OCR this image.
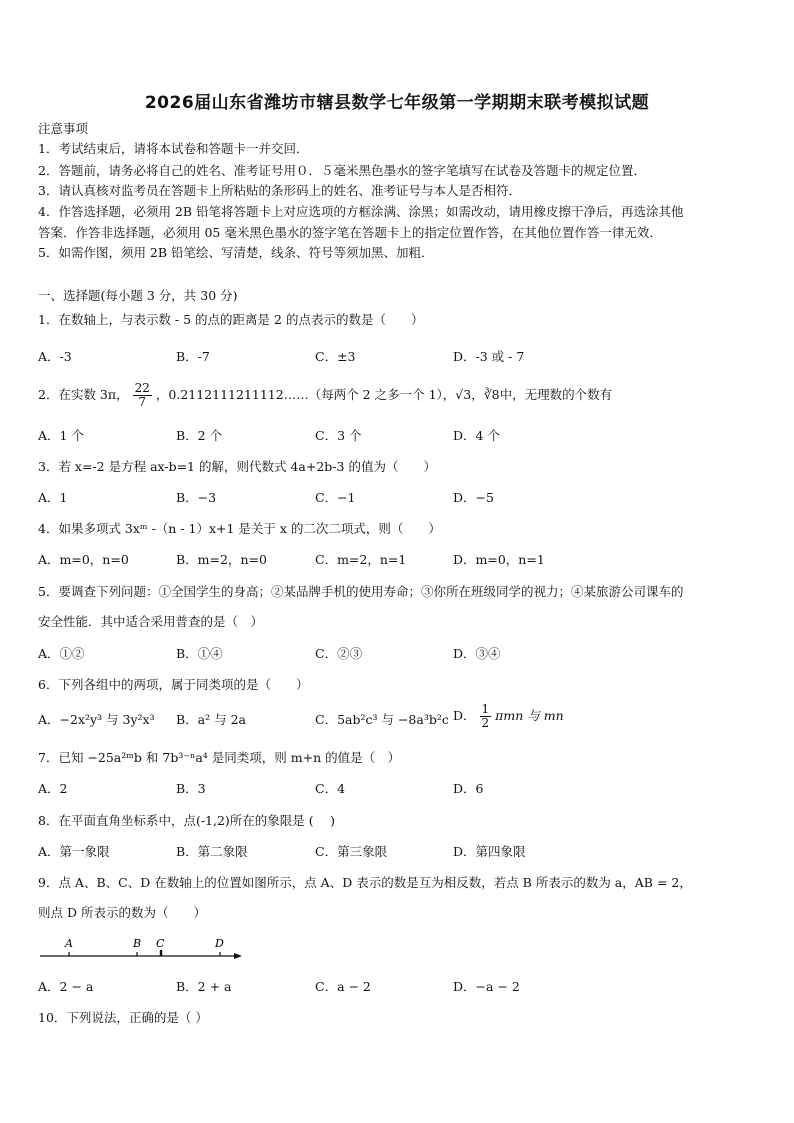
2026届山东省潍坊市辖县数学七年级第一学期期末联考模拟试题
注意事项
1．考试结束后，请将本试卷和答题卡一并交回．
2．答题前，请务必将自己的姓名、准考证号用０．５毫米黑色墨水的签字笔填写在试卷及答题卡的规定位置．
3．请认真核对监考员在答题卡上所粘贴的条形码上的姓名、准考证号与本人是否相符．
4．作答选择题，必须用 2B 铅笔将答题卡上对应选项的方框涂满、涂黑；如需改动，请用橡皮擦干净后，再选涂其他
答案．作答非选择题，必须用 05 毫米黑色墨水的签字笔在答题卡上的指定位置作答，在其他位置作答一律无效．
5．如需作图，须用 2B 铅笔绘、写清楚，线条、符号等须加黑、加粗．
一、选择题(每小题 3 分，共 30 分)
1．在数轴上，与表示数 - 5 的点的距离是 2 的点表示的数是（　　）
A．-3	B．-7	C．±3	D．-3 或 - 7
2．在实数 3π， $\frac{22}{7}$ ，0.2112111211112……（每两个 2 之多一个 1），√3，∛8中，无理数的个数有
A．1 个	B．2 个	C．3 个	D．4 个
3．若 x=-2 是方程 ax-b=1 的解，则代数式 4a+2b-3 的值为（　　）
A．1	B．−3	C．−1	D．−5
4．如果多项式 3xᵐ -（n - 1）x+1 是关于 x 的二次二项式，则（　　）
A．m=0，n=0	B．m=2，n=0	C．m=2，n=1	D．m=0，n=1
5．要调查下列问题：①全国学生的身高；②某品牌手机的使用寿命；③你所在班级同学的视力；④某旅游公司课车的
安全性能．其中适合采用普查的是（　）
A．①②	B．①④	C．②③	D．③④
6．下列各组中的两项，属于同类项的是（　　）
A．−2x²y³ 与 3y²x³ B．a² 与 2a	C．5ab²c³ 与 −8a³b²c D． $\frac{1}{2}$ πmn 与 mn
7．已知 −25a²ᵐb 和 7b³⁻ⁿa⁴ 是同类项，则 m+n 的值是（　）
A．2	B．3	C．4	D．6
8．在平面直角坐标系中，点(-1,2)所在的象限是 (　 )
A．第一象限	B．第二象限	C．第三象限	D．第四象限
9．点 A、B、C、D 在数轴上的位置如图所示，点 A、D 表示的数是互为相反数，若点 B 所表示的数为 a，AB = 2，
则点 D 所表示的数为（　　）
A	B C	D
A．2 − a	B．2 + a	C．a − 2	D．−a − 2
10．下列说法，正确的是（ ）
